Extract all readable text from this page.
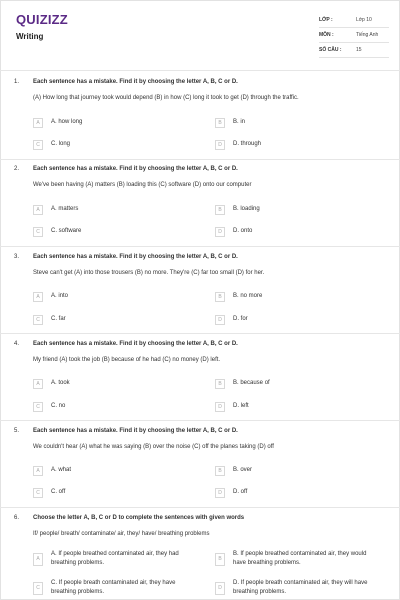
QUIZIZZ
Writing
LỚP :	Lớp 10
MÔN :	Tiếng Anh
SỐ CÂU :	15
1. Each sentence has a mistake. Find it by choosing the letter A, B, C or D.
(A) How long that journey took would depend (B) in how (C) long it took to get (D) through the traffic.
A	A. how long	B	B. in
C	C. long	D	D. through
2. Each sentence has a mistake. Find it by choosing the letter A, B, C or D.
We've been having (A) matters (B) loading this (C) software (D) onto our computer
A	A. matters	B	B. loading
C	C. software	D	D. onto
3. Each sentence has a mistake. Find it by choosing the letter A, B, C or D.
Steve can't get (A) into those trousers (B) no more. They're (C) far too small (D) for her.
A	A. into	B	B. no more
C	C. far	D	D. for
4. Each sentence has a mistake. Find it by choosing the letter A, B, C or D.
My friend (A) took the job (B) because of he had (C) no money (D) left.
A	A. took	B	B. because of
C	C. no	D	D. left
5. Each sentence has a mistake. Find it by choosing the letter A, B, C or D.
We couldn't hear (A) what he was saying (B) over the noise (C) off the planes taking (D) off
A	A. what	B	B. over
C	C. off	D	D. off
6. Choose the letter A, B, C or D to complete the sentences with given words
If/ people/ breath/ contaminate/ air, they/ have/ breathing problems
A
A. If people breathed contaminated air, they had breathing problems.
B
B. If people breathed contaminated air, they would have breathing problems.
C
C. If people breath contaminated air, they have breathing problems.
D
D. If people breath contaminated air, they will have breathing problems.
